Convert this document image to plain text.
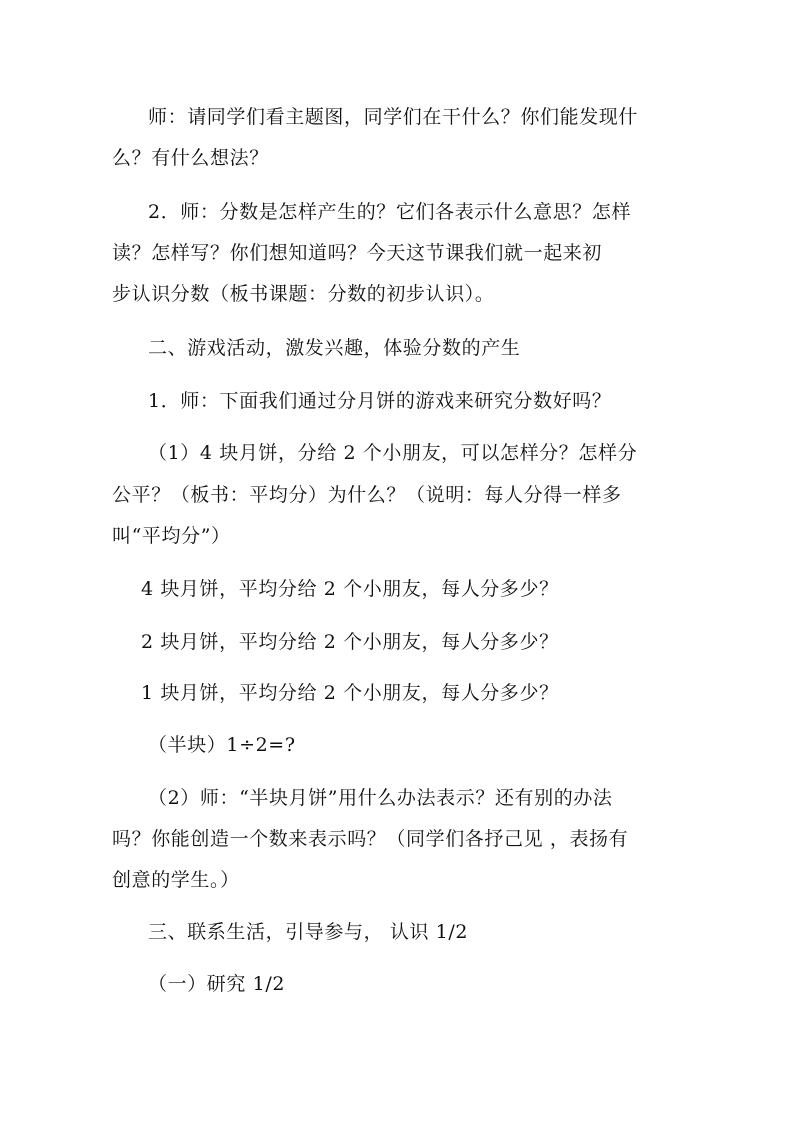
师：请同学们看主题图，同学们在干什么？你们能发现什
么？有什么想法？
2．师：分数是怎样产生的？它们各表示什么意思？怎样
读？怎样写？你们想知道吗？今天这节课我们就一起来初
步认识分数（板书课题：分数的初步认识）。
二、游戏活动，激发兴趣，体验分数的产生
1．师：下面我们通过分月饼的游戏来研究分数好吗？
（1）4 块月饼，分给 2 个小朋友，可以怎样分？怎样分
公平？（板书：平均分）为什么？（说明：每人分得一样多
叫“平均分”）
4 块月饼，平均分给 2 个小朋友，每人分多少？
2 块月饼，平均分给 2 个小朋友，每人分多少？
1 块月饼，平均分给 2 个小朋友，每人分多少？
（半块）1÷2=?
（2）师：“半块月饼”用什么办法表示？还有别的办法
吗？你能创造一个数来表示吗？（同学们各抒己见 ，表扬有
创意的学生。）
三、联系生活，引导参与， 认识 1/2
（一）研究 1/2
